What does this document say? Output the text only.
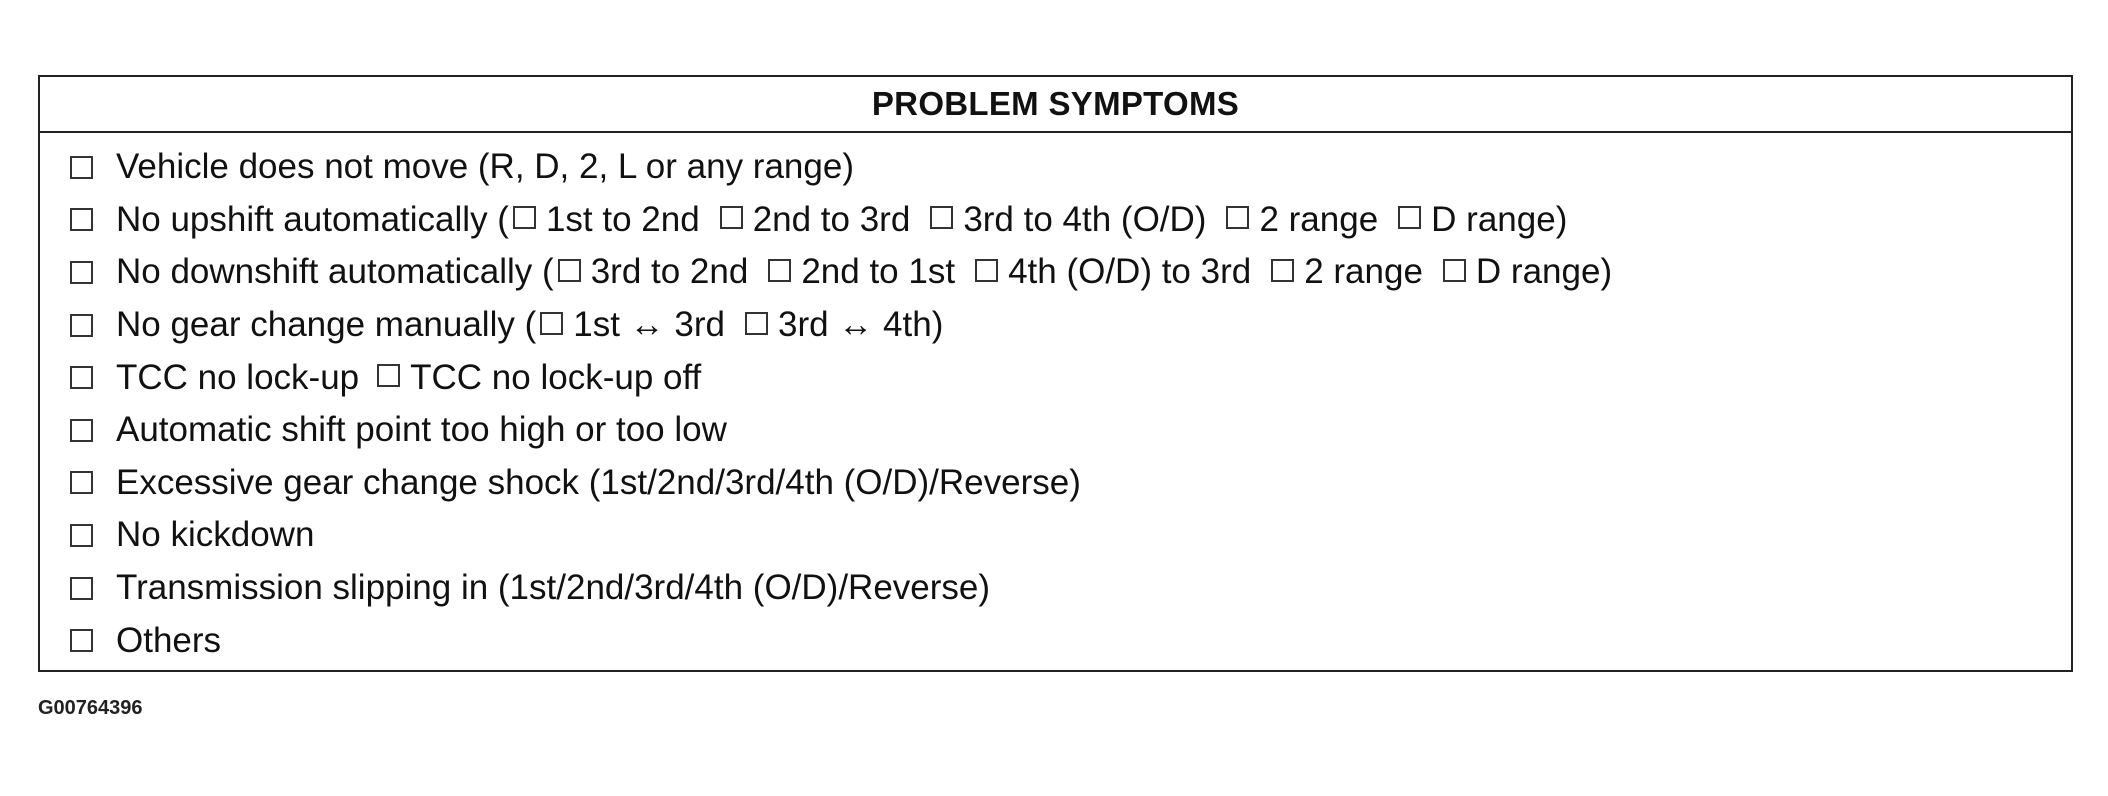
PROBLEM SYMPTOMS
Vehicle does not move (R, D, 2, L or any range)
No upshift automatically ( 1st to 2nd 2nd to 3rd 3rd to 4th (O/D) 2 range D range )
No downshift automatically ( 3rd to 2nd 2nd to 1st 4th (O/D) to 3rd 2 range D range )
No gear change manually ( 1st ↔ 3rd 3rd ↔ 4th )
TCC no lock-up TCC no lock-up off
Automatic shift point too high or too low
Excessive gear change shock (1st/2nd/3rd/4th (O/D)/Reverse)
No kickdown
Transmission slipping in (1st/2nd/3rd/4th (O/D)/Reverse)
Others
G00764396
